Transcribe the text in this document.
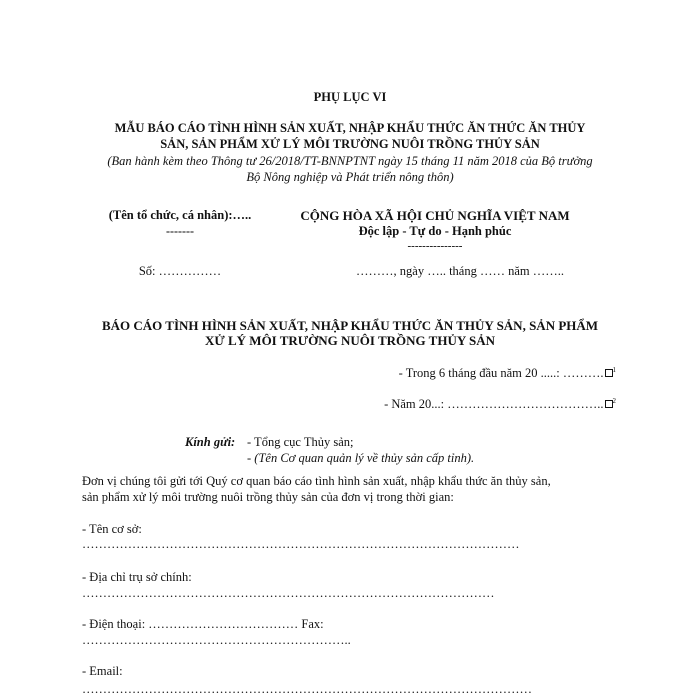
PHỤ LỤC VI
MẪU BÁO CÁO TÌNH HÌNH SẢN XUẤT, NHẬP KHẨU THỨC ĂN THỨC ĂN THỦY
SẢN, SẢN PHẨM XỬ LÝ MÔI TRƯỜNG NUÔI TRỒNG THỦY SẢN
(Ban hành kèm theo Thông tư 26/2018/TT-BNNPTNT ngày 15 tháng 11 năm 2018 của Bộ trưởng
Bộ Nông nghiệp và Phát triển nông thôn)
(Tên tổ chức, cá nhân):…..
-------
Số: ……………
CỘNG HÒA XÃ HỘI CHỦ NGHĨA VIỆT NAM
Độc lập - Tự do - Hạnh phúc
---------------
………, ngày ….. tháng …… năm ……..
BÁO CÁO TÌNH HÌNH SẢN XUẤT, NHẬP KHẨU THỨC ĂN THỦY SẢN, SẢN PHẨM
XỬ LÝ MÔI TRƯỜNG NUÔI TRỒNG THỦY SẢN
- Trong 6 tháng đầu năm 20 .....: ………. $^1$
- Năm 20...: ……………………………….. $^2$
Kính gửi: - Tổng cục Thủy sản;
- (Tên Cơ quan quản lý về thủy sản cấp tỉnh).
Đơn vị chúng tôi gửi tới Quý cơ quan báo cáo tình hình sản xuất, nhập khẩu thức ăn thủy sản,
sản phẩm xử lý môi trường nuôi trồng thủy sản của đơn vị trong thời gian:
- Tên cơ sở:
……………………………………………………………………………………………
- Địa chỉ trụ sở chính:
………………………………………………………………………………………
- Điện thoại: ……………………………… Fax:
………………………………………………………..
- Email:
………………………………………………………………………………………………
